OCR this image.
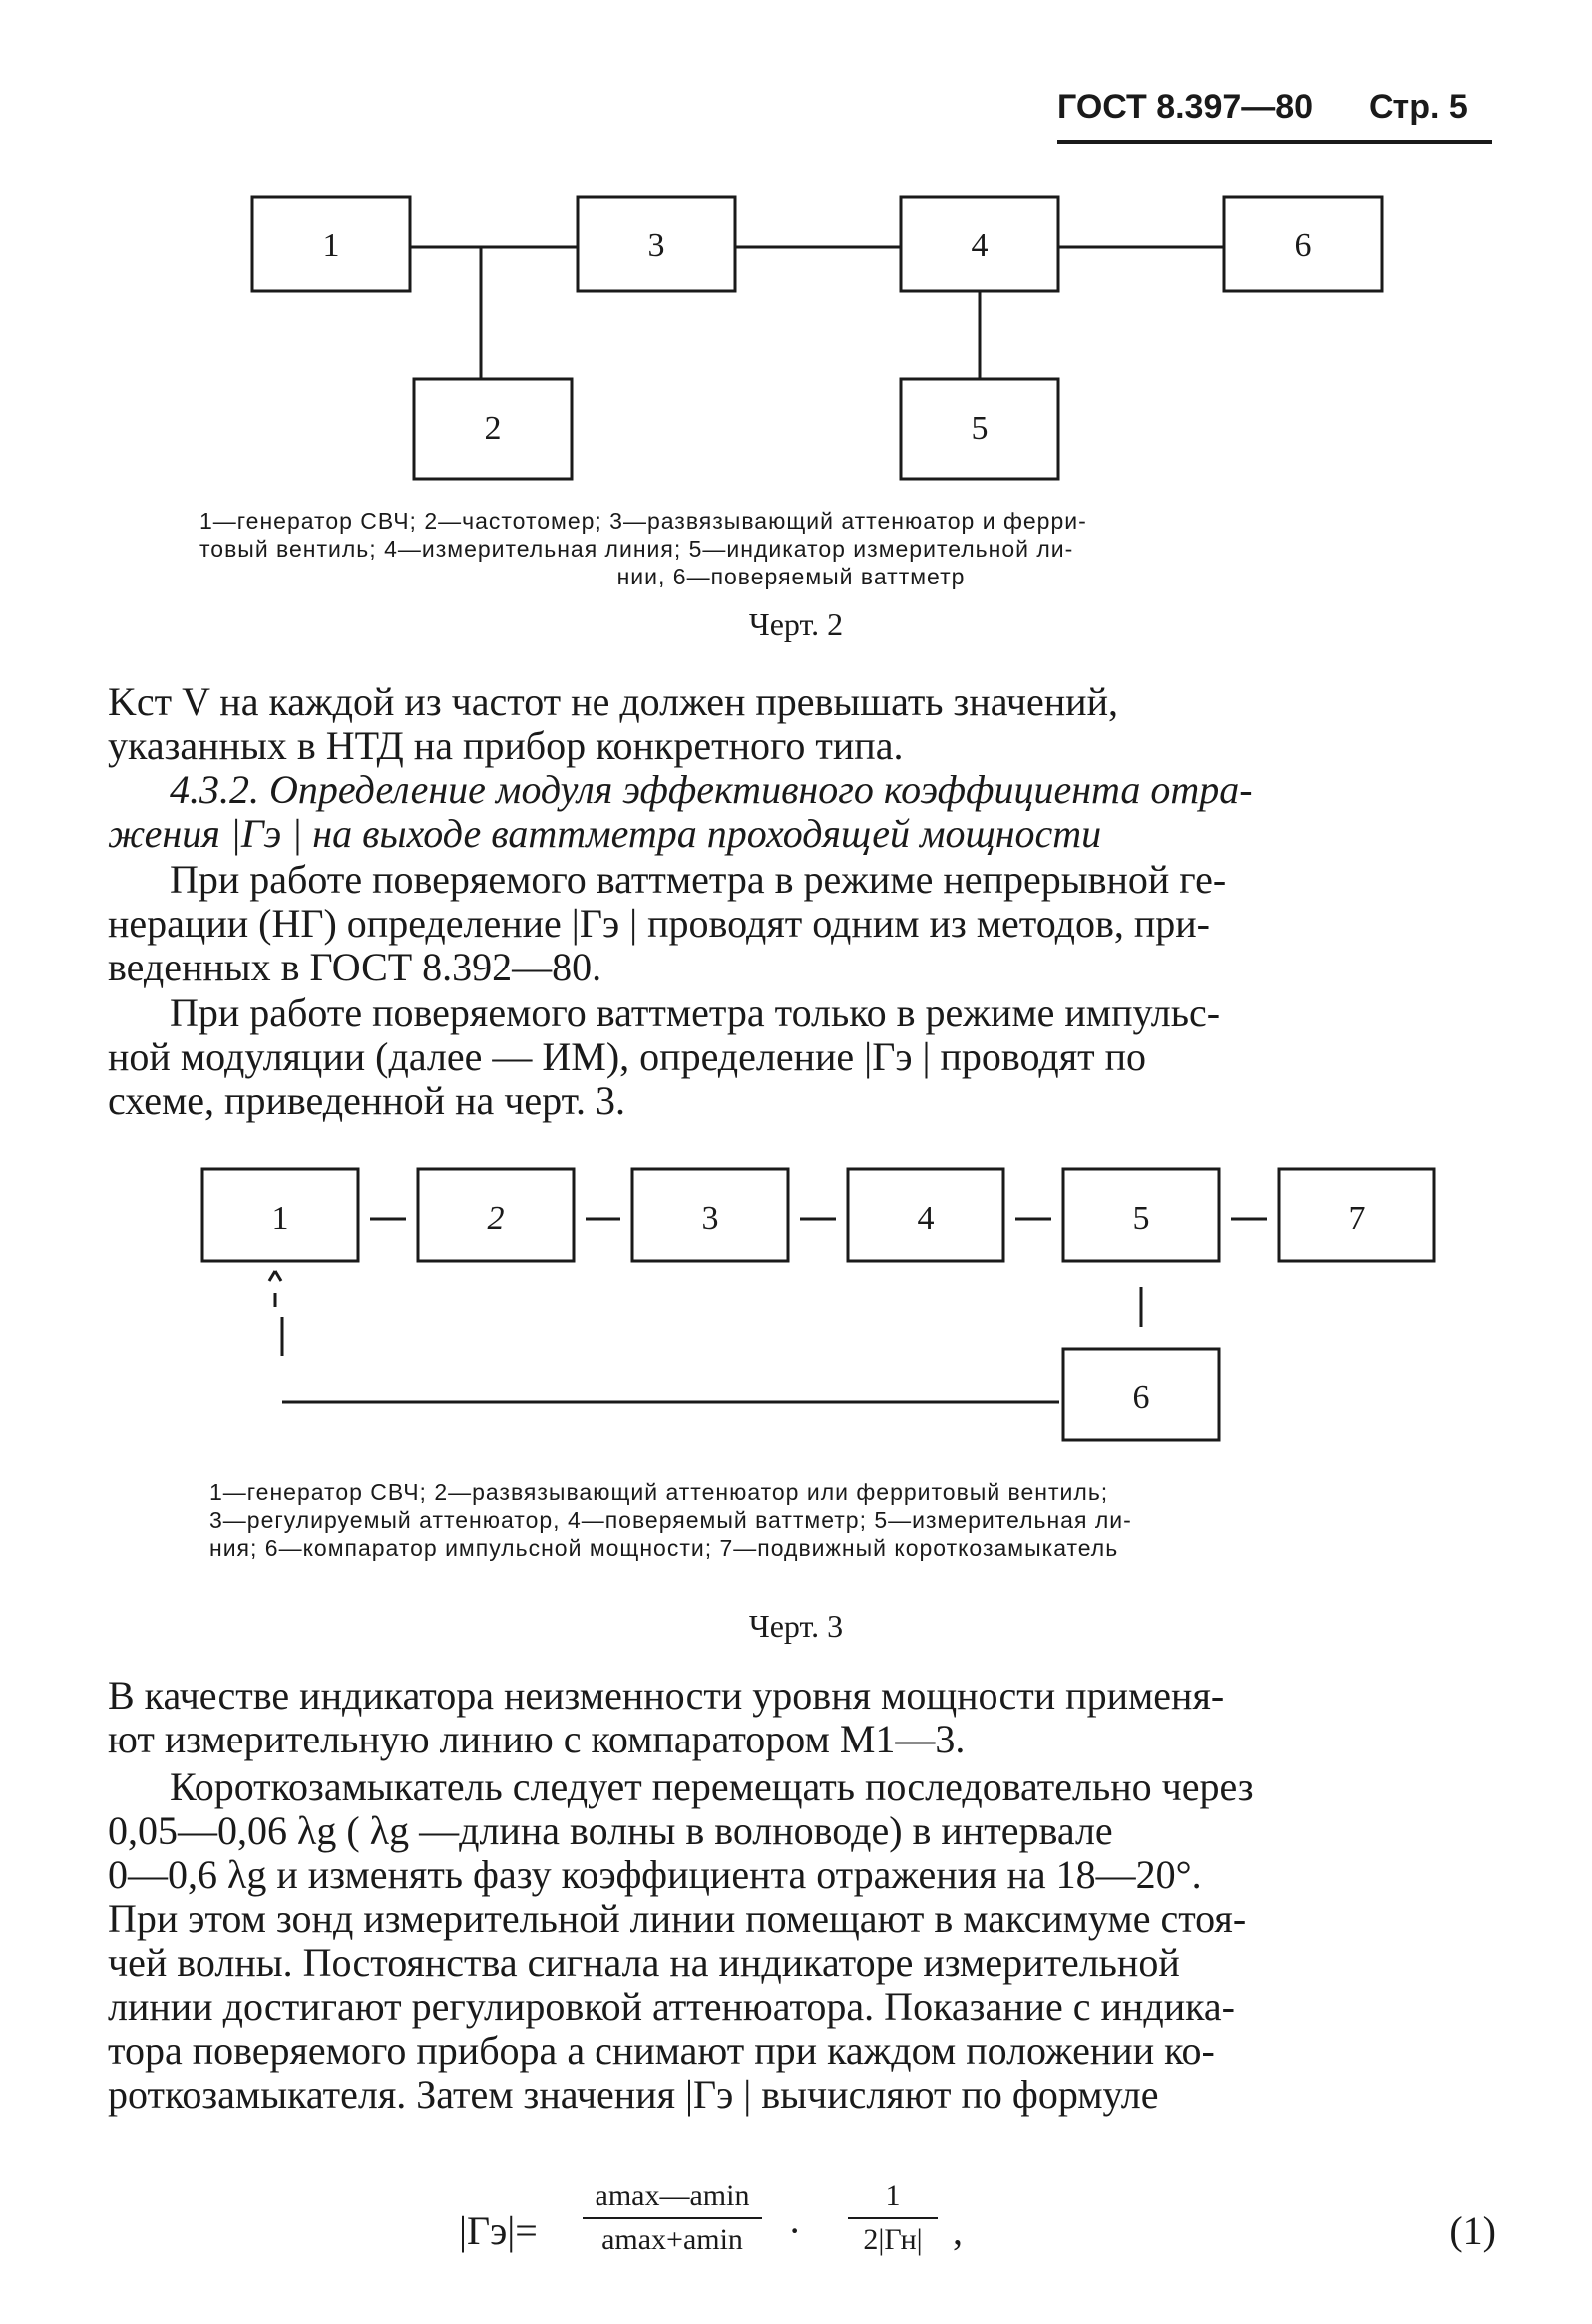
ГОСТ 8.397—80 Стр. 5
1	3	4	6
2	5
1—генератор СВЧ; 2—частотомер; 3—развязывающий аттенюатор и ферри-
товый вентиль; 4—измерительная линия; 5—индикатор измерительной ли-
нии, 6—поверяемый ваттметр
Черт. 2
Kст V на каждой из частот не должен превышать значений,
указанных в НТД на прибор конкретного типа.
4.3.2. Определение модуля эффективного коэффициента отра-
жения |Гэ | на выходе ваттметра проходящей мощности
При работе поверяемого ваттметра в режиме непрерывной ге-
нерации (НГ) определение |Гэ | проводят одним из методов, при-
веденных в ГОСТ 8.392—80.
При работе поверяемого ваттметра только в режиме импульс-
ной модуляции (далее — ИМ), определение |Гэ | проводят по
схеме, приведенной на черт. 3.
1	2	3	4	5	7
6
1—генератор СВЧ; 2—развязывающий аттенюатор или ферритовый вентиль;
3—регулируемый аттенюатор, 4—поверяемый ваттметр; 5—измерительная ли-
ния; 6—компаратор импульсной мощности; 7—подвижный короткозамыкатель
Черт. 3
В качестве индикатора неизменности уровня мощности применя-
ют измерительную линию с компаратором М1—3.
Короткозамыкатель следует перемещать последовательно через
0,05—0,06 λg ( λg —длина волны в волноводе) в интервале
0—0,6 λg и изменять фазу коэффициента отражения на 18—20°.
При этом зонд измерительной линии помещают в максимуме стоя-
чей волны. Постоянства сигнала на индикаторе измерительной
линии достигают регулировкой аттенюатора. Показание с индика-
тора поверяемого прибора a снимают при каждом положении ко-
роткозамыкателя. Затем значения |Гэ | вычисляют по формуле
|Гэ|=
amax—amin
amax+amin	·
1
2|Гн| ,	(1)
